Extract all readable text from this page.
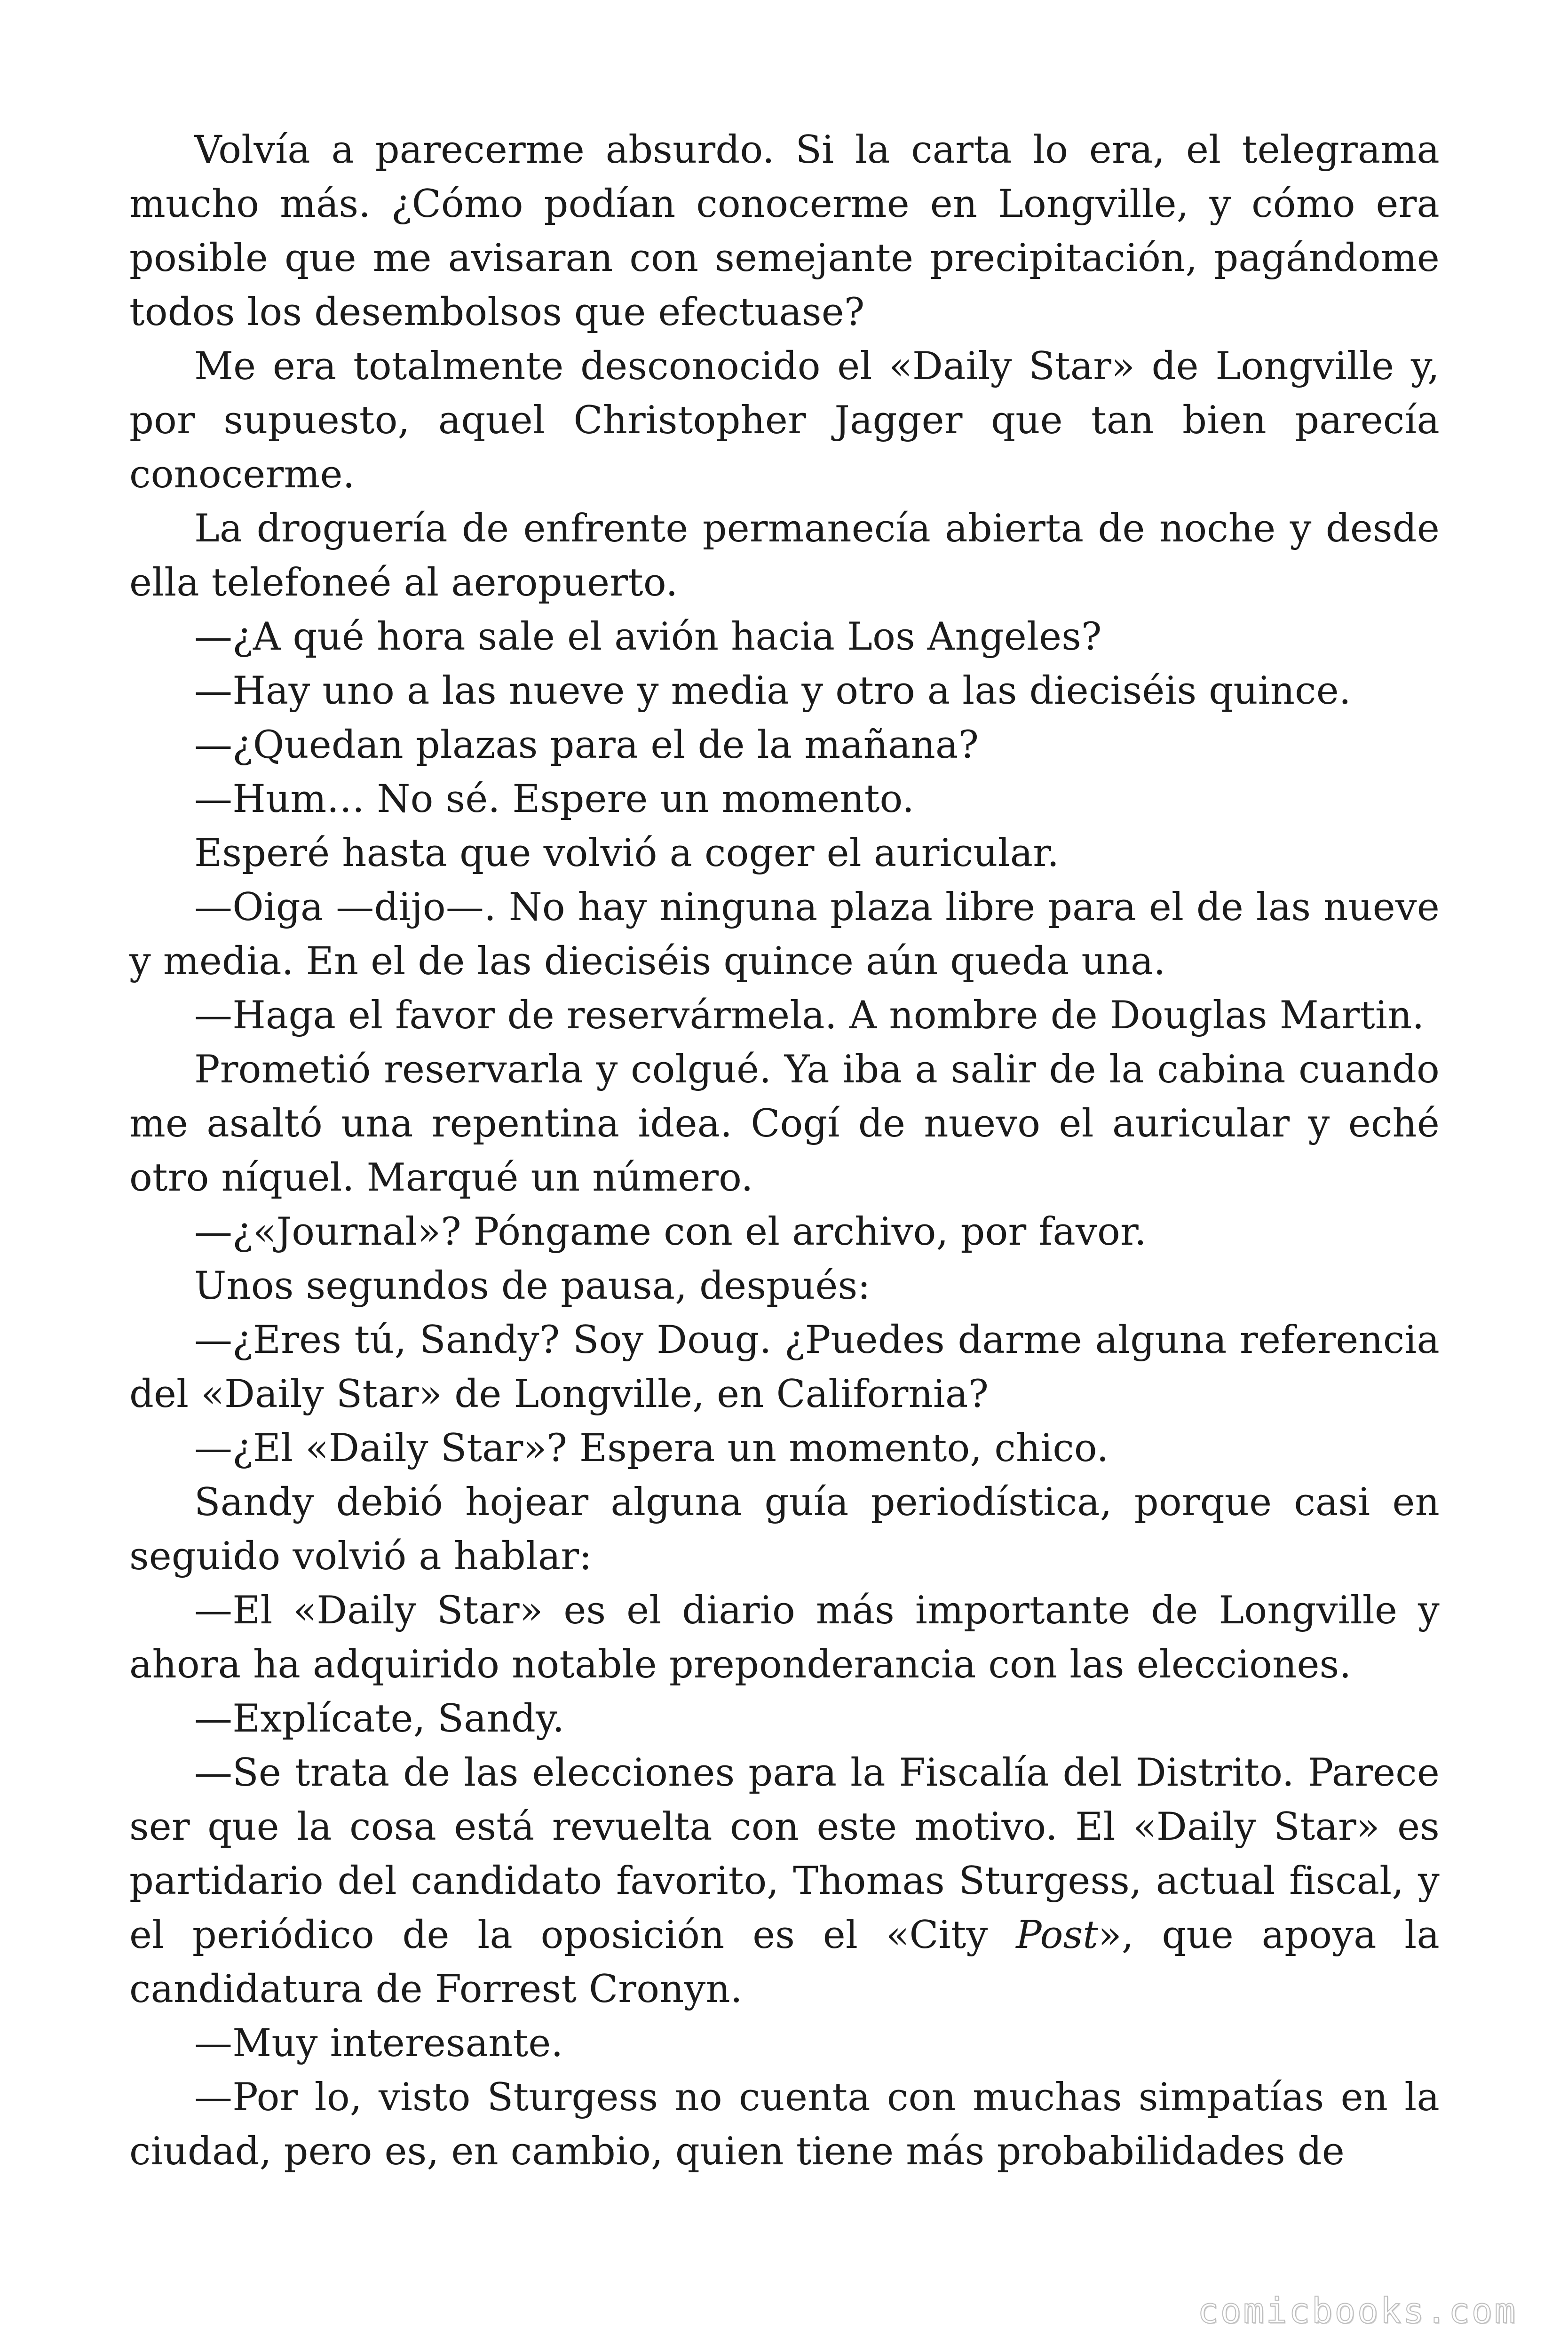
Volvía a parecerme absurdo. Si la carta lo era, el telegrama mucho más. ¿Cómo podían conocerme en Longville, y cómo era posible que me avisaran con semejante precipitación, pagándome todos los desembolsos que efectuase?

Me era totalmente desconocido el «Daily Star» de Longville y, por supuesto, aquel Christopher Jagger que tan bien parecía conocerme.

La droguería de enfrente permanecía abierta de noche y desde ella telefoneé al aeropuerto.

—¿A qué hora sale el avión hacia Los Angeles?

—Hay uno a las nueve y media y otro a las dieciséis quince.

—¿Quedan plazas para el de la mañana?

—Hum… No sé. Espere un momento.

Esperé hasta que volvió a coger el auricular.

—Oiga —dijo—. No hay ninguna plaza libre para el de las nueve y media. En el de las dieciséis quince aún queda una.

—Haga el favor de reservármela. A nombre de Douglas Martin.

Prometió reservarla y colgué. Ya iba a salir de la cabina cuando me asaltó una repentina idea. Cogí de nuevo el auricular y eché otro níquel. Marqué un número.

—¿«Journal»? Póngame con el archivo, por favor.

Unos segundos de pausa, después:

—¿Eres tú, Sandy? Soy Doug. ¿Puedes darme alguna referencia del «Daily Star» de Longville, en California?

—¿El «Daily Star»? Espera un momento, chico.

Sandy debió hojear alguna guía periodística, porque casi en seguido volvió a hablar:

—El «Daily Star» es el diario más importante de Longville y ahora ha adquirido notable preponderancia con las elecciones.

—Explícate, Sandy.

—Se trata de las elecciones para la Fiscalía del Distrito. Parece ser que la cosa está revuelta con este motivo. El «Daily Star» es partidario del candidato favorito, Thomas Sturgess, actual fiscal, y el periódico de la oposición es el «City Post», que apoya la candidatura de Forrest Cronyn.

—Muy interesante.

—Por lo, visto Sturgess no cuenta con muchas simpatías en la ciudad, pero es, en cambio, quien tiene más probabilidades de

comicbooks.com
